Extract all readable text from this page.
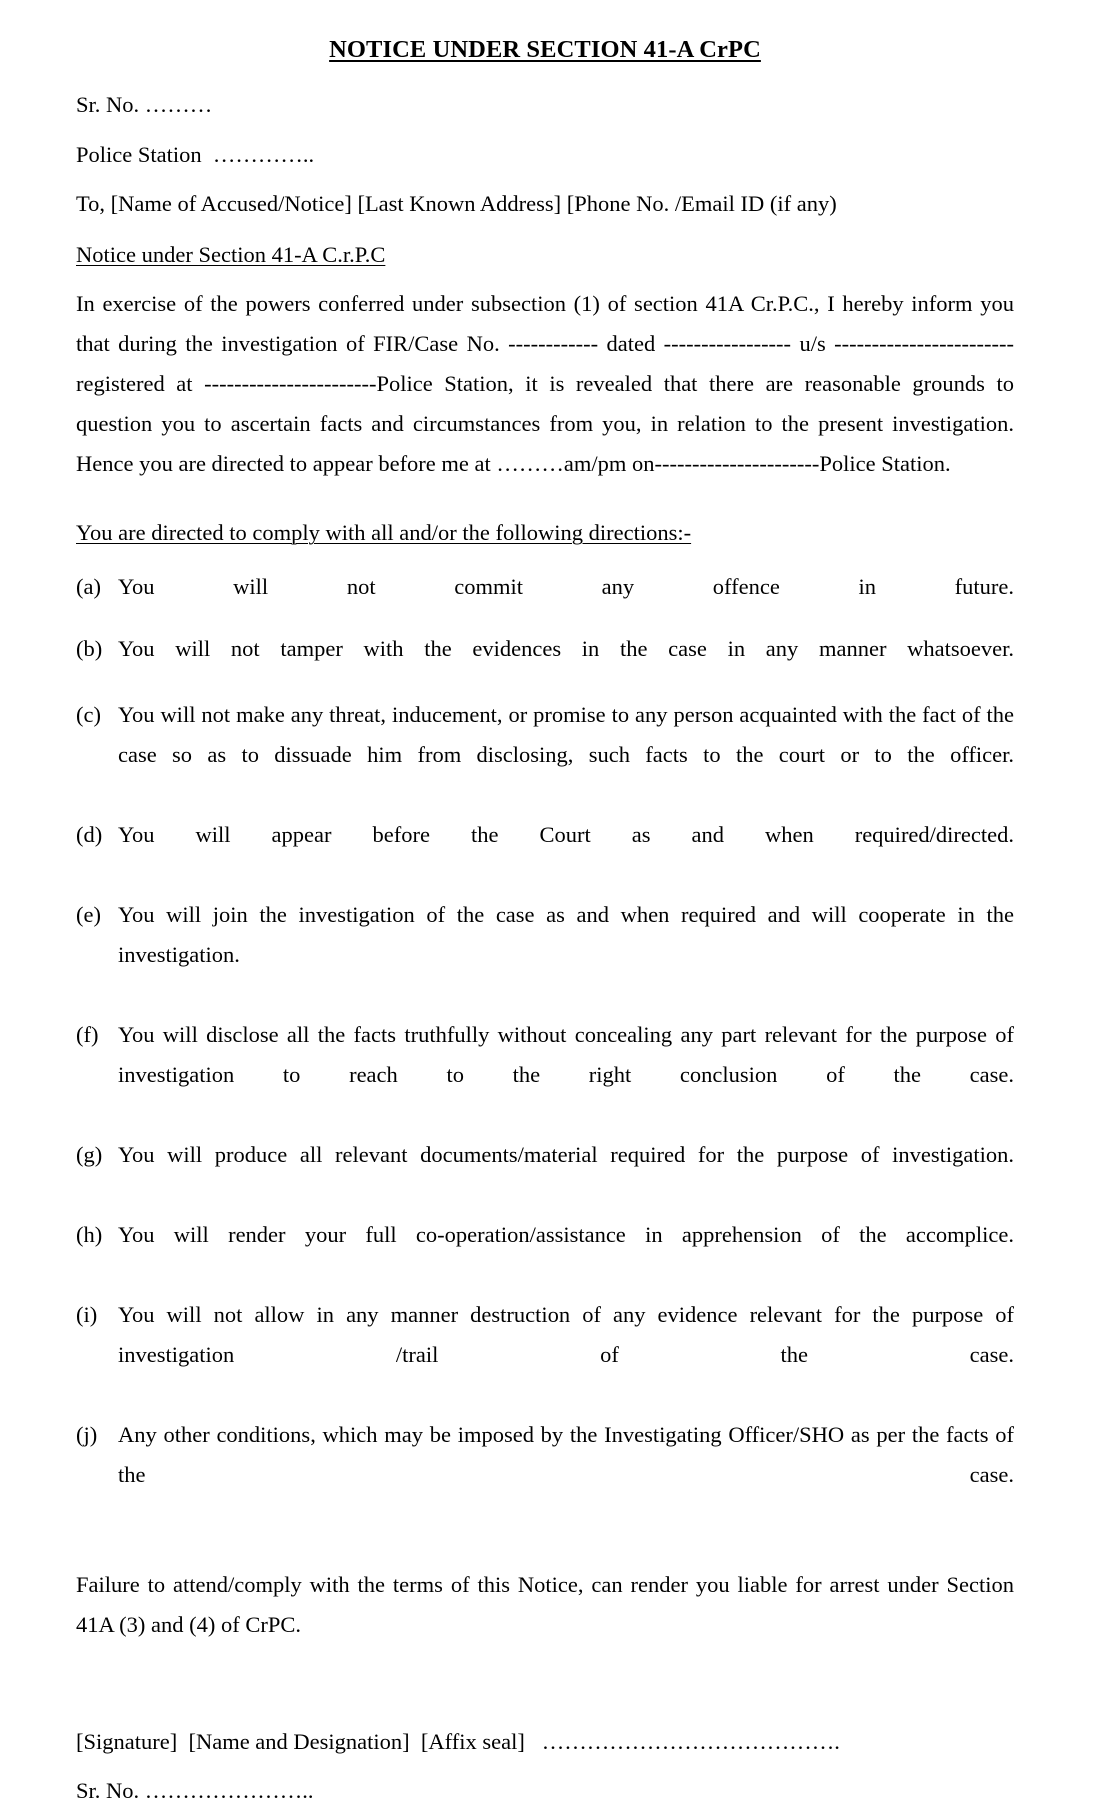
NOTICE UNDER SECTION 41-A CrPC

Sr. No. ………

Police Station  …………..

To, [Name of Accused/Notice] [Last Known Address] [Phone No. /Email ID (if any)

Notice under Section 41-A C.r.P.C

In exercise of the powers conferred under subsection (1) of section 41A Cr.P.C., I hereby inform you that during the investigation of FIR/Case No. ------------ dated ----------------- u/s ------------------------ registered at -----------------------Police Station, it is revealed that there are reasonable grounds to question you to ascertain facts and circumstances from you, in relation to the present investigation. Hence you are directed to appear before me at ………am/pm on----------------------Police Station.

You are directed to comply with all and/or the following directions:-

(a) You will not commit any offence in future.
(b) You will not tamper with the evidences in the case in any manner whatsoever.
(c) You will not make any threat, inducement, or promise to any person acquainted with the fact of the case so as to dissuade him from disclosing, such facts to the court or to the officer.
(d) You will appear before the Court as and when required/directed.
(e) You will join the investigation of the case as and when required and will cooperate in the investigation.
(f) You will disclose all the facts truthfully without concealing any part relevant for the purpose of investigation to reach to the right conclusion of the case.
(g) You will produce all relevant documents/material required for the purpose of investigation.
(h) You will render your full co-operation/assistance in apprehension of the accomplice.
(i) You will not allow in any manner destruction of any evidence relevant for the purpose of investigation /trail of the case.
(j) Any other conditions, which may be imposed by the Investigating Officer/SHO as per the facts of the case.

Failure to attend/comply with the terms of this Notice, can render you liable for arrest under Section 41A (3) and (4) of CrPC.

[Signature]  [Name and Designation]  [Affix seal]   ………………………………….

Sr. No. …………………..
